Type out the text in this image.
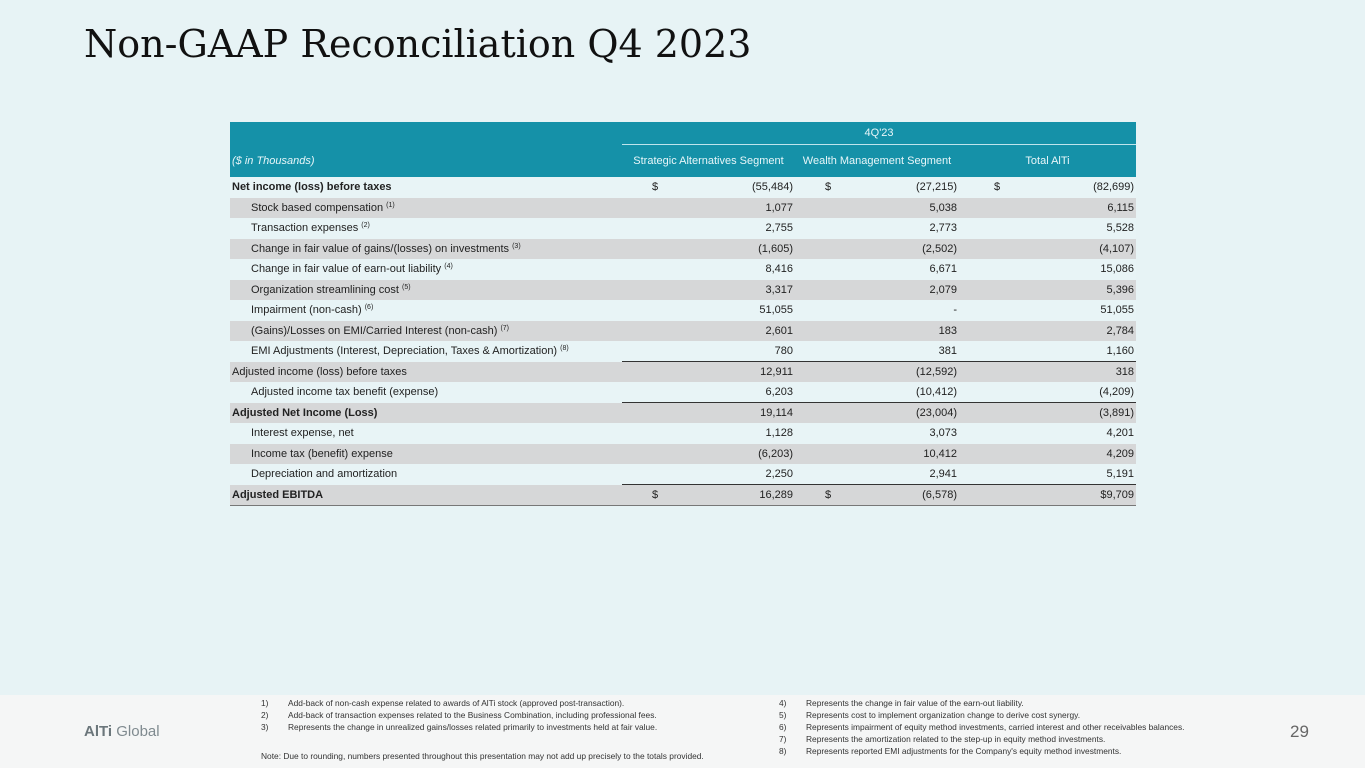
Non-GAAP Reconciliation Q4 2023
	4Q'23					
($ in Thousands)	Strategic Alternatives Segment		Wealth Management Segment		Total AlTi	
Net income (loss) before taxes	$	(55,484)	$	(27,215)	$	(82,699)
Stock based compensation $^{(1)}$		1,077		5,038		6,115
Transaction expenses $^{(2)}$		2,755		2,773		5,528
Change in fair value of gains/(losses) on investments $^{(3)}$		(1,605)		(2,502)		(4,107)
Change in fair value of earn-out liability $^{(4)}$		8,416		6,671		15,086
Organization streamlining cost $^{(5)}$		3,317		2,079		5,396
Impairment (non-cash) $^{(6)}$		51,055		-		51,055
(Gains)/Losses on EMI/Carried Interest (non-cash) $^{(7)}$		2,601		183		2,784
EMI Adjustments (Interest, Depreciation, Taxes & Amortization) $^{(8)}$		780		381		1,160
Adjusted income (loss) before taxes		12,911		(12,592)		318
Adjusted income tax benefit (expense)		6,203		(10,412)		(4,209)
Adjusted Net Income (Loss)		19,114		(23,004)		(3,891)
Interest expense, net		1,128		3,073		4,201
Income tax (benefit) expense		(6,203)		10,412		4,209
Depreciation and amortization		2,250		2,941		5,191
Adjusted EBITDA	$	16,289	$	(6,578)		$9,709
AlTi Global	29
1) Add-back of non-cash expense related to awards of AlTi stock (approved post-transaction).
2) Add-back of transaction expenses related to the Business Combination, including professional fees.
3) Represents the change in unrealized gains/losses related primarily to investments held at fair value.
4) Represents the change in fair value of the earn-out liability.
5) Represents cost to implement organization change to derive cost synergy.
6) Represents impairment of equity method investments, carried interest and other receivables balances.
7) Represents the amortization related to the step-up in equity method investments.
8) Represents reported EMI adjustments for the Company's equity method investments.
Note: Due to rounding, numbers presented throughout this presentation may not add up precisely to the totals provided.
